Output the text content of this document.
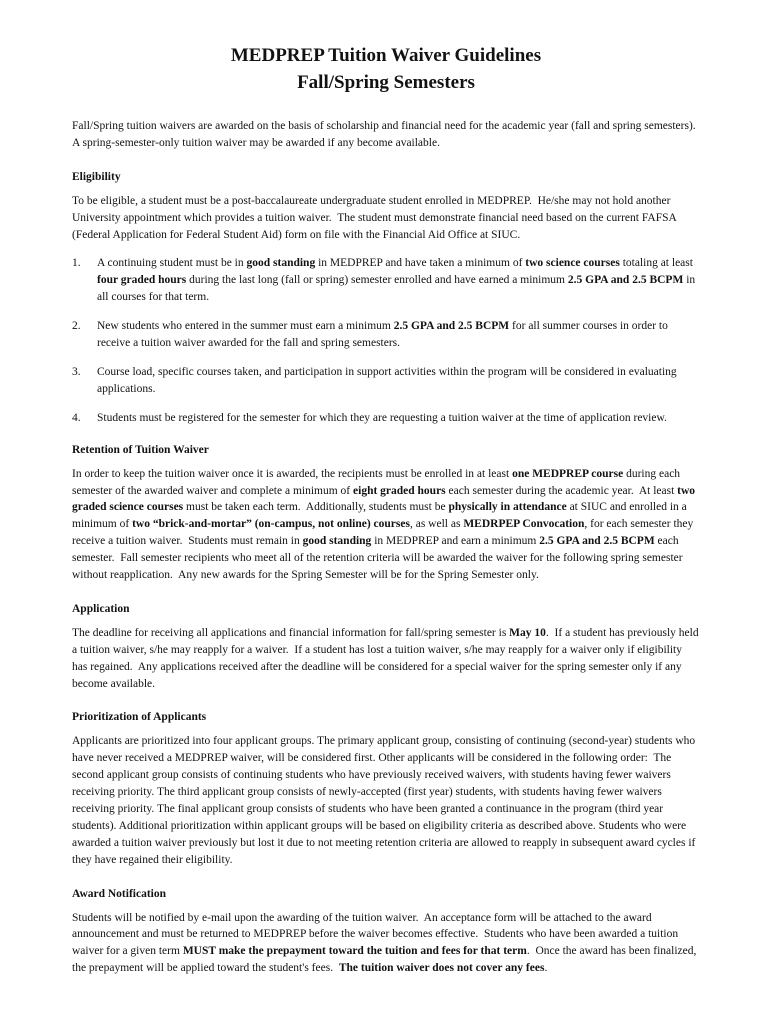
MEDPREP Tuition Waiver Guidelines
Fall/Spring Semesters

Fall/Spring tuition waivers are awarded on the basis of scholarship and financial need for the academic year (fall and spring semesters). A spring-semester-only tuition waiver may be awarded if any become available.

Eligibility

To be eligible, a student must be a post-baccalaureate undergraduate student enrolled in MEDPREP.  He/she may not hold another University appointment which provides a tuition waiver.  The student must demonstrate financial need based on the current FAFSA (Federal Application for Federal Student Aid) form on file with the Financial Aid Office at SIUC.

1.	A continuing student must be in good standing in MEDPREP and have taken a minimum of two science courses totaling at least four graded hours during the last long (fall or spring) semester enrolled and have earned a minimum 2.5 GPA and 2.5 BCPM in all courses for that term.
2.	New students who entered in the summer must earn a minimum 2.5 GPA and 2.5 BCPM for all summer courses in order to receive a tuition waiver awarded for the fall and spring semesters.
3.	Course load, specific courses taken, and participation in support activities within the program will be considered in evaluating applications.
4.	Students must be registered for the semester for which they are requesting a tuition waiver at the time of application review.
Retention of Tuition Waiver

In order to keep the tuition waiver once it is awarded, the recipients must be enrolled in at least one MEDPREP course during each semester of the awarded waiver and complete a minimum of eight graded hours each semester during the academic year.  At least two graded science courses must be taken each term.  Additionally, students must be physically in attendance at SIUC and enrolled in a minimum of two “brick-and-mortar” (on-campus, not online) courses, as well as MEDRPEP Convocation, for each semester they receive a tuition waiver.  Students must remain in good standing in MEDPREP and earn a minimum 2.5 GPA and 2.5 BCPM each semester.  Fall semester recipients who meet all of the retention criteria will be awarded the waiver for the following spring semester without reapplication.  Any new awards for the Spring Semester will be for the Spring Semester only.

Application

The deadline for receiving all applications and financial information for fall/spring semester is May 10.  If a student has previously held a tuition waiver, s/he may reapply for a waiver.  If a student has lost a tuition waiver, s/he may reapply for a waiver only if eligibility has regained.  Any applications received after the deadline will be considered for a special waiver for the spring semester only if any become available.

Prioritization of Applicants

Applicants are prioritized into four applicant groups. The primary applicant group, consisting of continuing (second-year) students who have never received a MEDPREP waiver, will be considered first. Other applicants will be considered in the following order:  The second applicant group consists of continuing students who have previously received waivers, with students having fewer waivers receiving priority. The third applicant group consists of newly-accepted (first year) students, with students having fewer waivers receiving priority. The final applicant group consists of students who have been granted a continuance in the program (third year students). Additional prioritization within applicant groups will be based on eligibility criteria as described above. Students who were awarded a tuition waiver previously but lost it due to not meeting retention criteria are allowed to reapply in subsequent award cycles if they have regained their eligibility.

Award Notification

Students will be notified by e-mail upon the awarding of the tuition waiver.  An acceptance form will be attached to the award announcement and must be returned to MEDPREP before the waiver becomes effective.  Students who have been awarded a tuition waiver for a given term MUST make the prepayment toward the tuition and fees for that term.  Once the award has been finalized, the prepayment will be applied toward the student's fees.  The tuition waiver does not cover any fees.
